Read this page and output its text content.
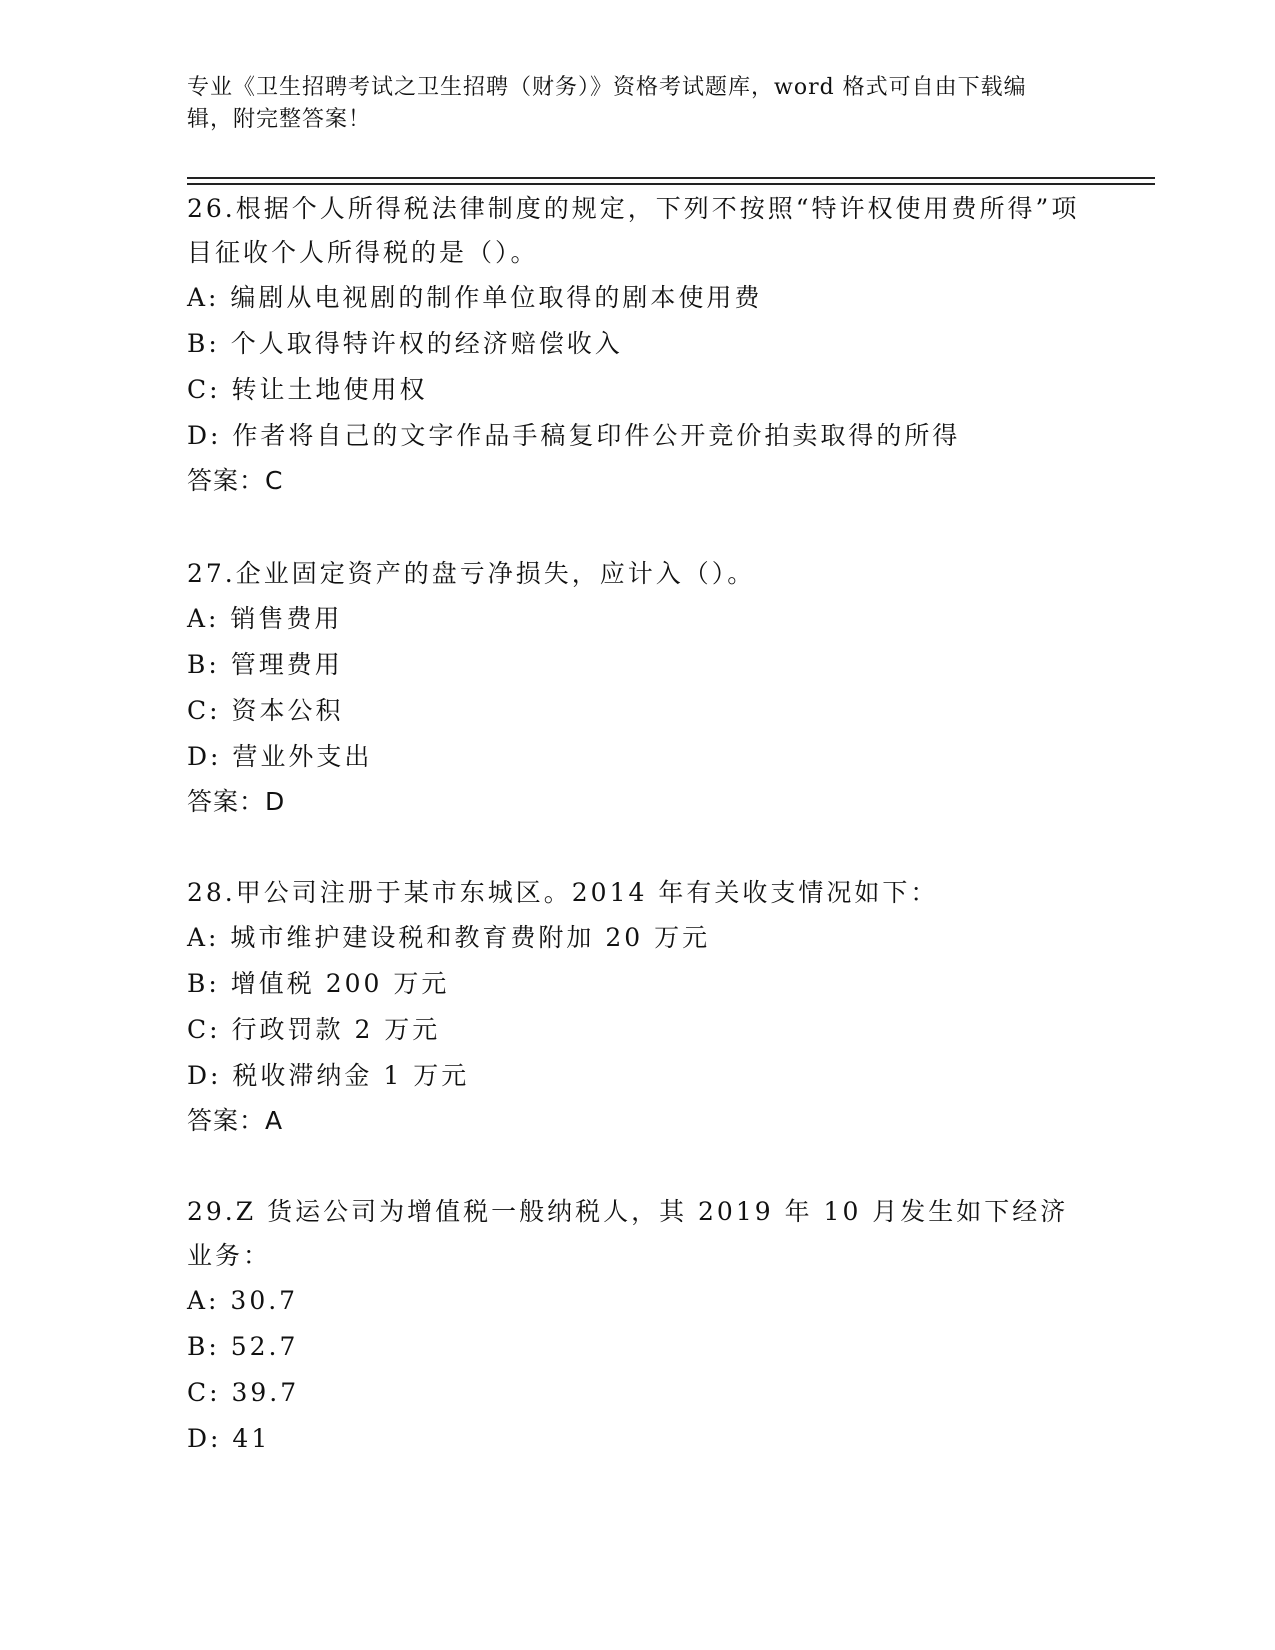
专业《卫生招聘考试之卫生招聘（财务）》资格考试题库，word 格式可自由下载编辑，附完整答案！
26.根据个人所得税法律制度的规定，下列不按照“特许权使用费所得”项目征收个人所得税的是（）。
A: 编剧从电视剧的制作单位取得的剧本使用费
B: 个人取得特许权的经济赔偿收入
C: 转让土地使用权
D: 作者将自己的文字作品手稿复印件公开竞价拍卖取得的所得
答案：C
27.企业固定资产的盘亏净损失，应计入（）。
A: 销售费用
B: 管理费用
C: 资本公积
D: 营业外支出
答案：D
28.甲公司注册于某市东城区。2014 年有关收支情况如下：
A: 城市维护建设税和教育费附加 20 万元
B: 增值税 200 万元
C: 行政罚款 2 万元
D: 税收滞纳金 1 万元
答案：A
29.Z 货运公司为增值税一般纳税人，其 2019 年 10 月发生如下经济业务：
A: 30.7
B: 52.7
C: 39.7
D: 41
